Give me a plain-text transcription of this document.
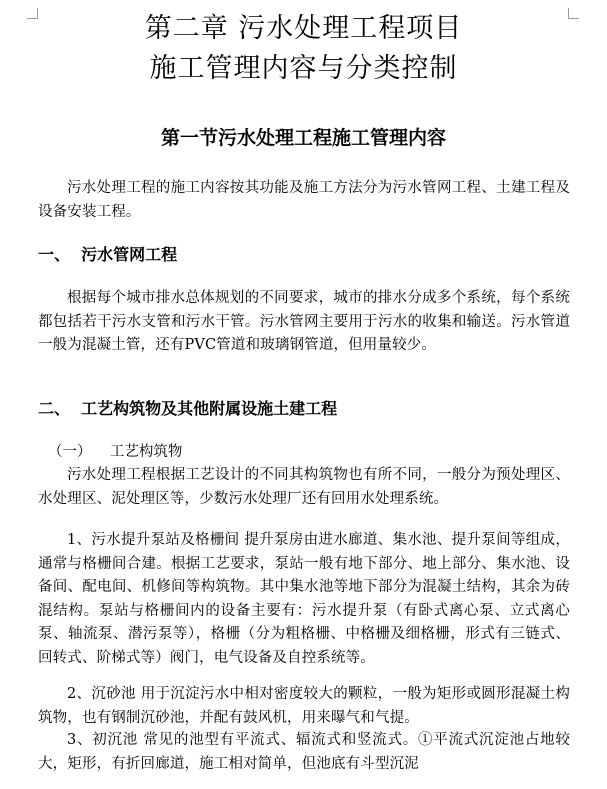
第二章 污水处理工程项目
施工管理内容与分类控制
第一节污水处理工程施工管理内容
污水处理工程的施工内容按其功能及施工方法分为污水管网工程、土建工程及设备安装工程。
一、  污水管网工程
根据每个城市排水总体规划的不同要求，城市的排水分成多个系统，每个系统都包括若干污水支管和污水干管。污水管网主要用于污水的收集和输送。污水管道一般为混凝土管，还有PVC管道和玻璃钢管道，但用量较少。
二、  工艺构筑物及其他附属设施土建工程
（一）    工艺构筑物
污水处理工程根据工艺设计的不同其构筑物也有所不同，一般分为预处理区、水处理区、泥处理区等，少数污水处理厂还有回用水处理系统。
1、污水提升泵站及格栅间 提升泵房由进水廊道、集水池、提升泵间等组成，通常与格栅间合建。根据工艺要求，泵站一般有地下部分、地上部分、集水池、设备间、配电间、机修间等构筑物。其中集水池等地下部分为混凝土结构，其余为砖混结构。泵站与格栅间内的设备主要有：污水提升泵（有卧式离心泵、立式离心泵、轴流泵、潜污泵等），格栅（分为粗格栅、中格栅及细格栅，形式有三链式、回转式、阶梯式等）阀门，电气设备及自控系统等。
2、沉砂池 用于沉淀污水中相对密度较大的颗粒，一般为矩形或圆形混凝土构筑物，也有钢制沉砂池，并配有鼓风机，用来曝气和气提。
3、初沉池 常见的池型有平流式、辐流式和竖流式。①平流式沉淀池占地较大，矩形，有折回廊道，施工相对简单，但池底有斗型沉泥
